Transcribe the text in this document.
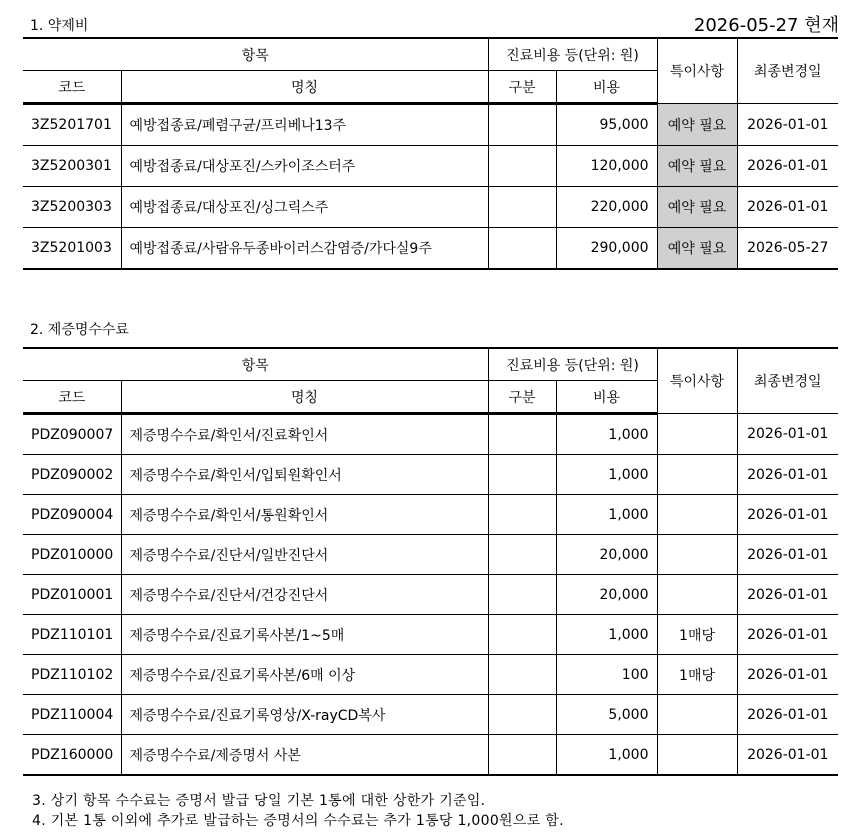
1. 약제비	2026-05-27 현재
항목		진료비용 등(단위: 원)		특이사항	최종변경일
코드	명칭	구분	비용		
3Z5201701	예방접종료/폐렴구균/프리베나13주		95,000	예약 필요	2026-01-01
3Z5200301	예방접종료/대상포진/스카이조스터주		120,000	예약 필요	2026-01-01
3Z5200303	예방접종료/대상포진/싱그릭스주		220,000	예약 필요	2026-01-01
3Z5201003	예방접종료/사람유두종바이러스감염증/가다실9주		290,000	예약 필요	2026-05-27
2. 제증명수수료
항목		진료비용 등(단위: 원)		특이사항	최종변경일
코드	명칭	구분	비용		
PDZ090007	제증명수수료/확인서/진료확인서		1,000		2026-01-01
PDZ090002	제증명수수료/확인서/입퇴원확인서		1,000		2026-01-01
PDZ090004	제증명수수료/확인서/통원확인서		1,000		2026-01-01
PDZ010000	제증명수수료/진단서/일반진단서		20,000		2026-01-01
PDZ010001	제증명수수료/진단서/건강진단서		20,000		2026-01-01
PDZ110101	제증명수수료/진료기록사본/1~5매		1,000	1매당	2026-01-01
PDZ110102	제증명수수료/진료기록사본/6매 이상		100	1매당	2026-01-01
PDZ110004	제증명수수료/진료기록영상/X-rayCD복사		5,000		2026-01-01
PDZ160000	제증명수수료/제증명서 사본		1,000		2026-01-01
3. 상기 항목 수수료는 증명서 발급 당일 기본 1통에 대한 상한가 기준임.
4. 기본 1통 이외에 추가로 발급하는 증명서의 수수료는 추가 1통당 1,000원으로 함.
